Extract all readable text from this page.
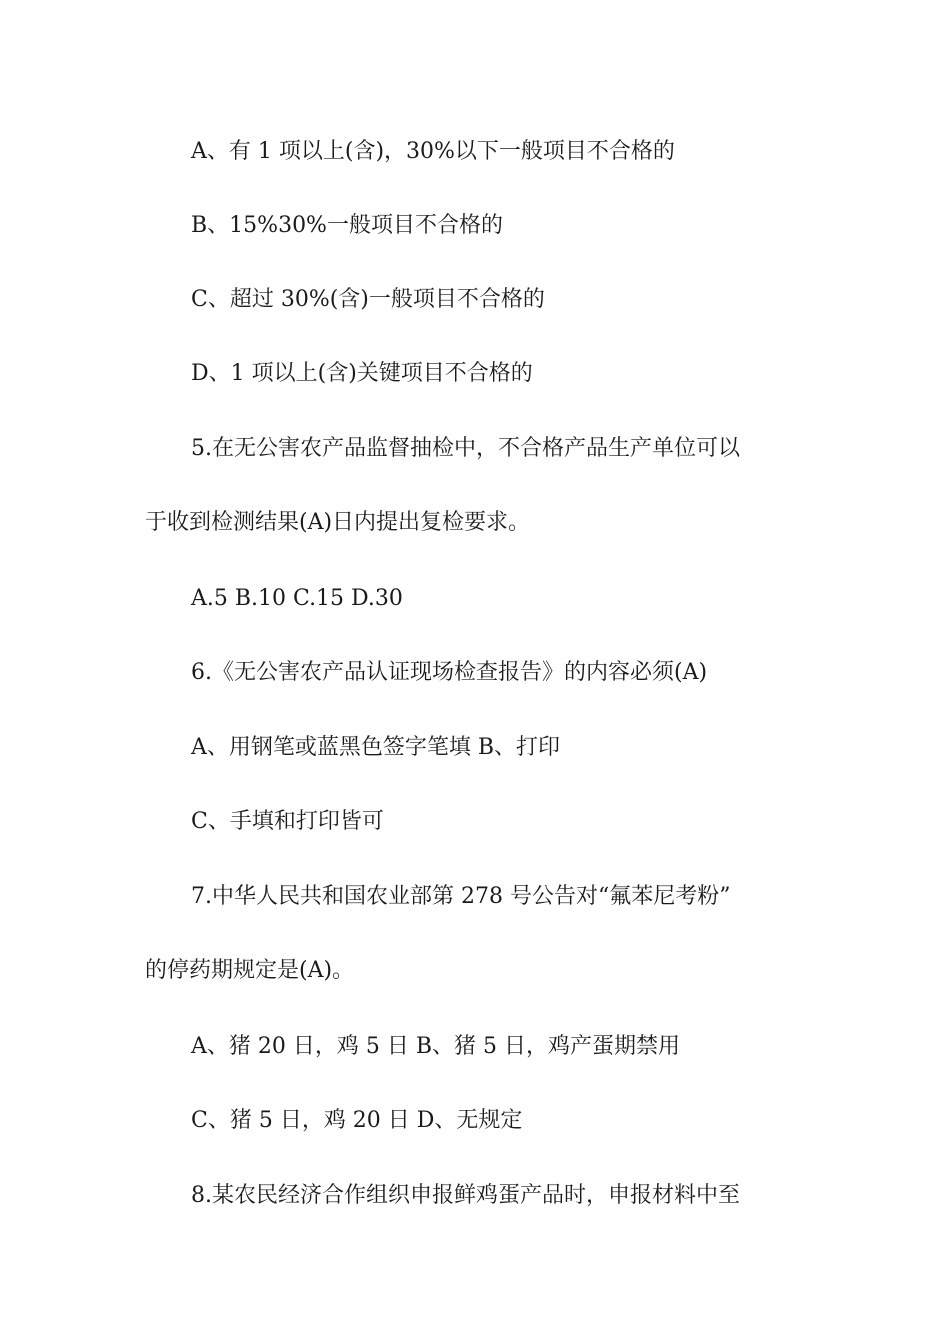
A、有 1 项以上(含)，30%以下一般项目不合格的
B、15%30%一般项目不合格的
C、超过 30%(含)一般项目不合格的
D、1 项以上(含)关键项目不合格的
5.在无公害农产品监督抽检中，不合格产品生产单位可以
于收到检测结果(A)日内提出复检要求。
A.5 B.10 C.15 D.30
6.《无公害农产品认证现场检查报告》的内容必须(A)
A、用钢笔或蓝黑色签字笔填 B、打印
C、手填和打印皆可
7.中华人民共和国农业部第 278 号公告对“氟苯尼考粉”
的停药期规定是(A)。
A、猪 20 日，鸡 5 日 B、猪 5 日，鸡产蛋期禁用
C、猪 5 日，鸡 20 日 D、无规定
8.某农民经济合作组织申报鲜鸡蛋产品时，申报材料中至
